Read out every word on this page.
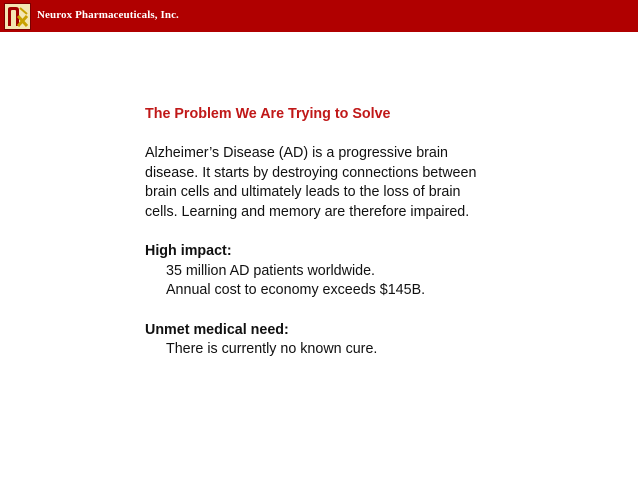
Neurox Pharmaceuticals, Inc.
The Problem We Are Trying to Solve
Alzheimer’s Disease (AD) is a progressive brain
disease. It starts by destroying connections between
brain cells and ultimately leads to the loss of brain
cells. Learning and memory are therefore impaired.
High impact:
35 million AD patients worldwide.
Annual cost to economy exceeds $145B.
Unmet medical need:
There is currently no known cure.
